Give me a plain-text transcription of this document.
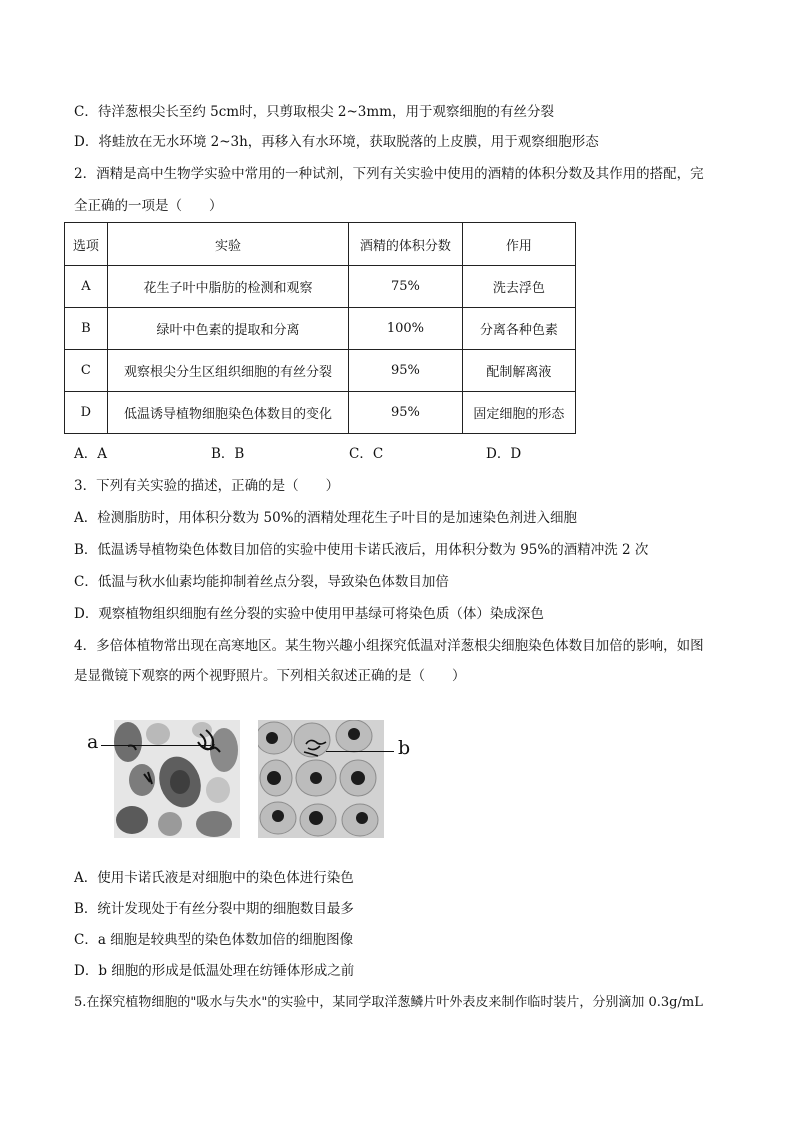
C．待洋葱根尖长至约 5cm时，只剪取根尖 2~3mm，用于观察细胞的有丝分裂
D．将蛙放在无水环境 2~3h，再移入有水环境，获取脱落的上皮膜，用于观察细胞形态
2．酒精是高中生物学实验中常用的一种试剂，下列有关实验中使用的酒精的体积分数及其作用的搭配，完
全正确的一项是（　　）
选项	实验	酒精的体积分数	作用
A	花生子叶中脂肪的检测和观察	75%	洗去浮色
B	绿叶中色素的提取和分离	100%	分离各种色素
C	观察根尖分生区组织细胞的有丝分裂	95%	配制解离液
D	低温诱导植物细胞染色体数目的变化	95%	固定细胞的形态
A．A	B．B	C．C	D．D
3．下列有关实验的描述，正确的是（　　）
A．检测脂肪时，用体积分数为 50%的酒精处理花生子叶目的是加速染色剂进入细胞
B．低温诱导植物染色体数目加倍的实验中使用卡诺氏液后，用体积分数为 95%的酒精冲洗 2 次
C．低温与秋水仙素均能抑制着丝点分裂，导致染色体数目加倍
D．观察植物组织细胞有丝分裂的实验中使用甲基绿可将染色质（体）染成深色
4．多倍体植物常出现在高寒地区。某生物兴趣小组探究低温对洋葱根尖细胞染色体数目加倍的影响，如图
是显微镜下观察的两个视野照片。下列相关叙述正确的是（　　）
a	b
A．使用卡诺氏液是对细胞中的染色体进行染色
B．统计发现处于有丝分裂中期的细胞数目最多
C．a 细胞是较典型的染色体数加倍的细胞图像
D．b 细胞的形成是低温处理在纺锤体形成之前
5.在探究植物细胞的"吸水与失水"的实验中，某同学取洋葱鳞片叶外表皮来制作临时装片，分别滴加 0.3g/mL
